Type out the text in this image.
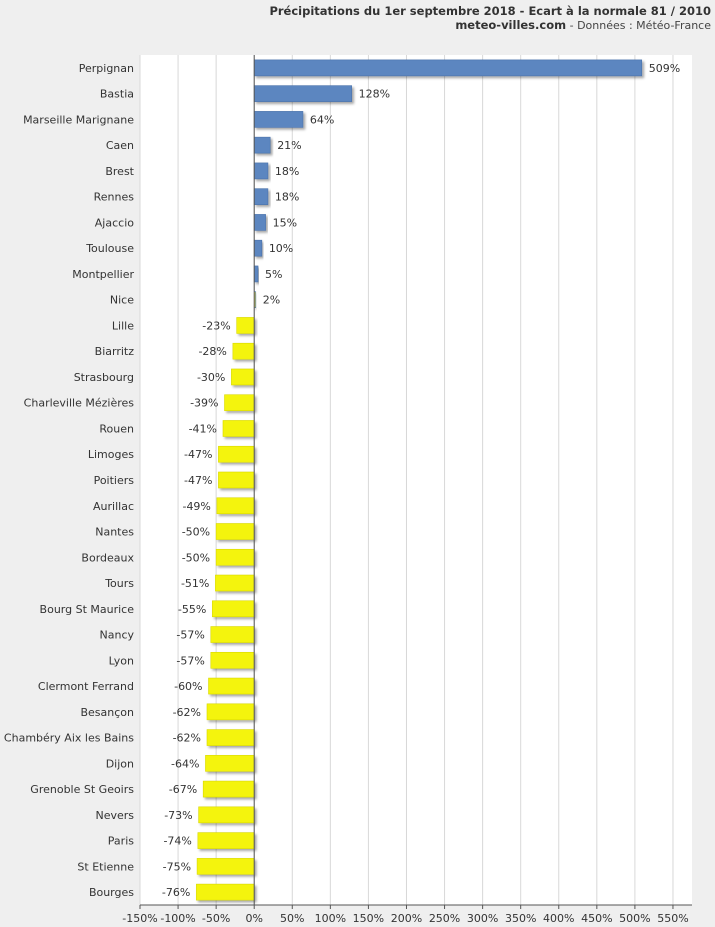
Précipitations du 1er septembre 2018 - Ecart à la normale 81 / 2010
meteo-villes.com - Données : Météo-France
Perpignan
Bastia
Marseille Marignane
Caen
Brest
Rennes
Ajaccio
Toulouse
Montpellier
Nice
Lille
Biarritz
Strasbourg
Charleville Mézières
Rouen
Limoges
Poitiers
Aurillac
Nantes
Bordeaux
Tours
Bourg St Maurice
Nancy
Lyon
Clermont Ferrand
Besançon
Chambéry Aix les Bains
Dijon
Grenoble St Geoirs
Nevers
Paris
St Etienne
Bourges
509%
128%
64%
21%
18%
18%
15%
10%
5%
2%
-23%
-28%
-30%
-39%
-41%
-47%
-47%
-49%
-50%
-50%
-51%
-55%
-57%
-57%
-60%
-62%
-62%
-64%
-67%
-73%
-74%
-75%
-76%
-150% -100% -50% 0% 50% 100% 150% 200% 250% 300% 350% 400% 450% 500% 550%
